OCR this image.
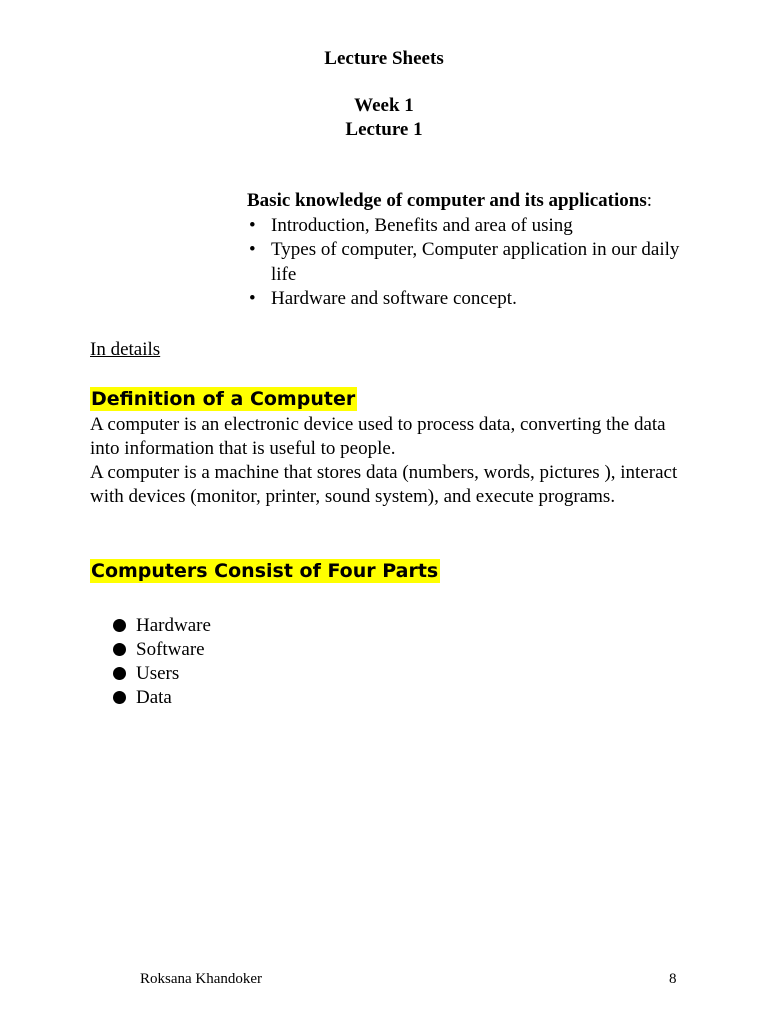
Lecture Sheets
Week 1
Lecture 1
Basic knowledge of computer and its applications:
• Introduction, Benefits and area of using
• Types of computer, Computer application in our daily life
• Hardware and software concept.
In details
Definition of a Computer
A computer is an electronic device used to process data, converting the data into information that is useful to people.
A computer is a machine that stores data (numbers, words, pictures ), interact with devices (monitor, printer, sound system), and execute programs.
Computers Consist of Four Parts
Hardware
Software
Users
Data
Roksana Khandoker	8
